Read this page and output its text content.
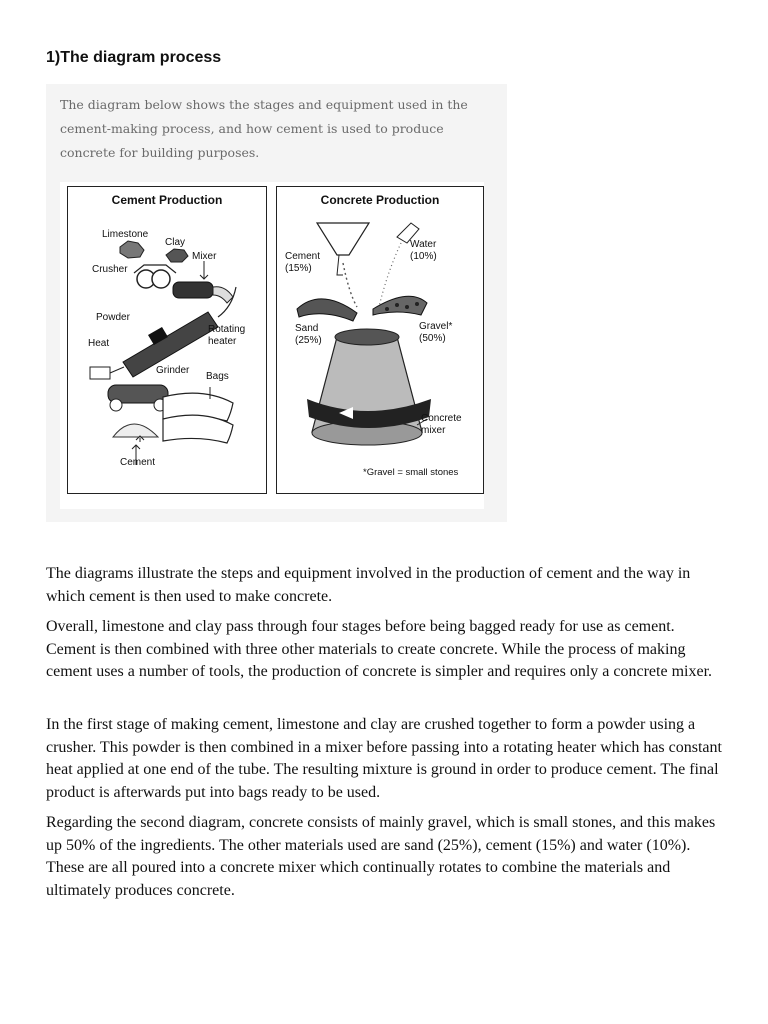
1)The diagram process
The diagram below shows the stages and equipment used in the cement-making process, and how cement is used to produce concrete for building purposes.
Cement Production
Limestone
Clay
Crusher
Mixer
Powder
Rotating
heater
Heat
Grinder
Bags
Cement
Concrete Production
Cement
(15%)
Water
(10%)
Sand
(25%)
Gravel*
(50%)
Concrete
mixer
*Gravel = small stones

The diagrams illustrate the steps and equipment involved in the production of cement and the way in which cement is then used to make concrete.

Overall, limestone and clay pass through four stages before being bagged ready for use as cement. Cement is then combined with three other materials to create concrete. While the process of making cement uses a number of tools, the production of concrete is simpler and requires only a concrete mixer.

In the first stage of making cement, limestone and clay are crushed together to form a powder using a crusher. This powder is then combined in a mixer before passing into a rotating heater which has constant heat applied at one end of the tube. The resulting mixture is ground in order to produce cement. The final product is afterwards put into bags ready to be used.

Regarding the second diagram, concrete consists of mainly gravel, which is small stones, and this makes up 50% of the ingredients. The other materials used are sand (25%), cement (15%) and water (10%). These are all poured into a concrete mixer which continually rotates to combine the materials and ultimately produces concrete.
